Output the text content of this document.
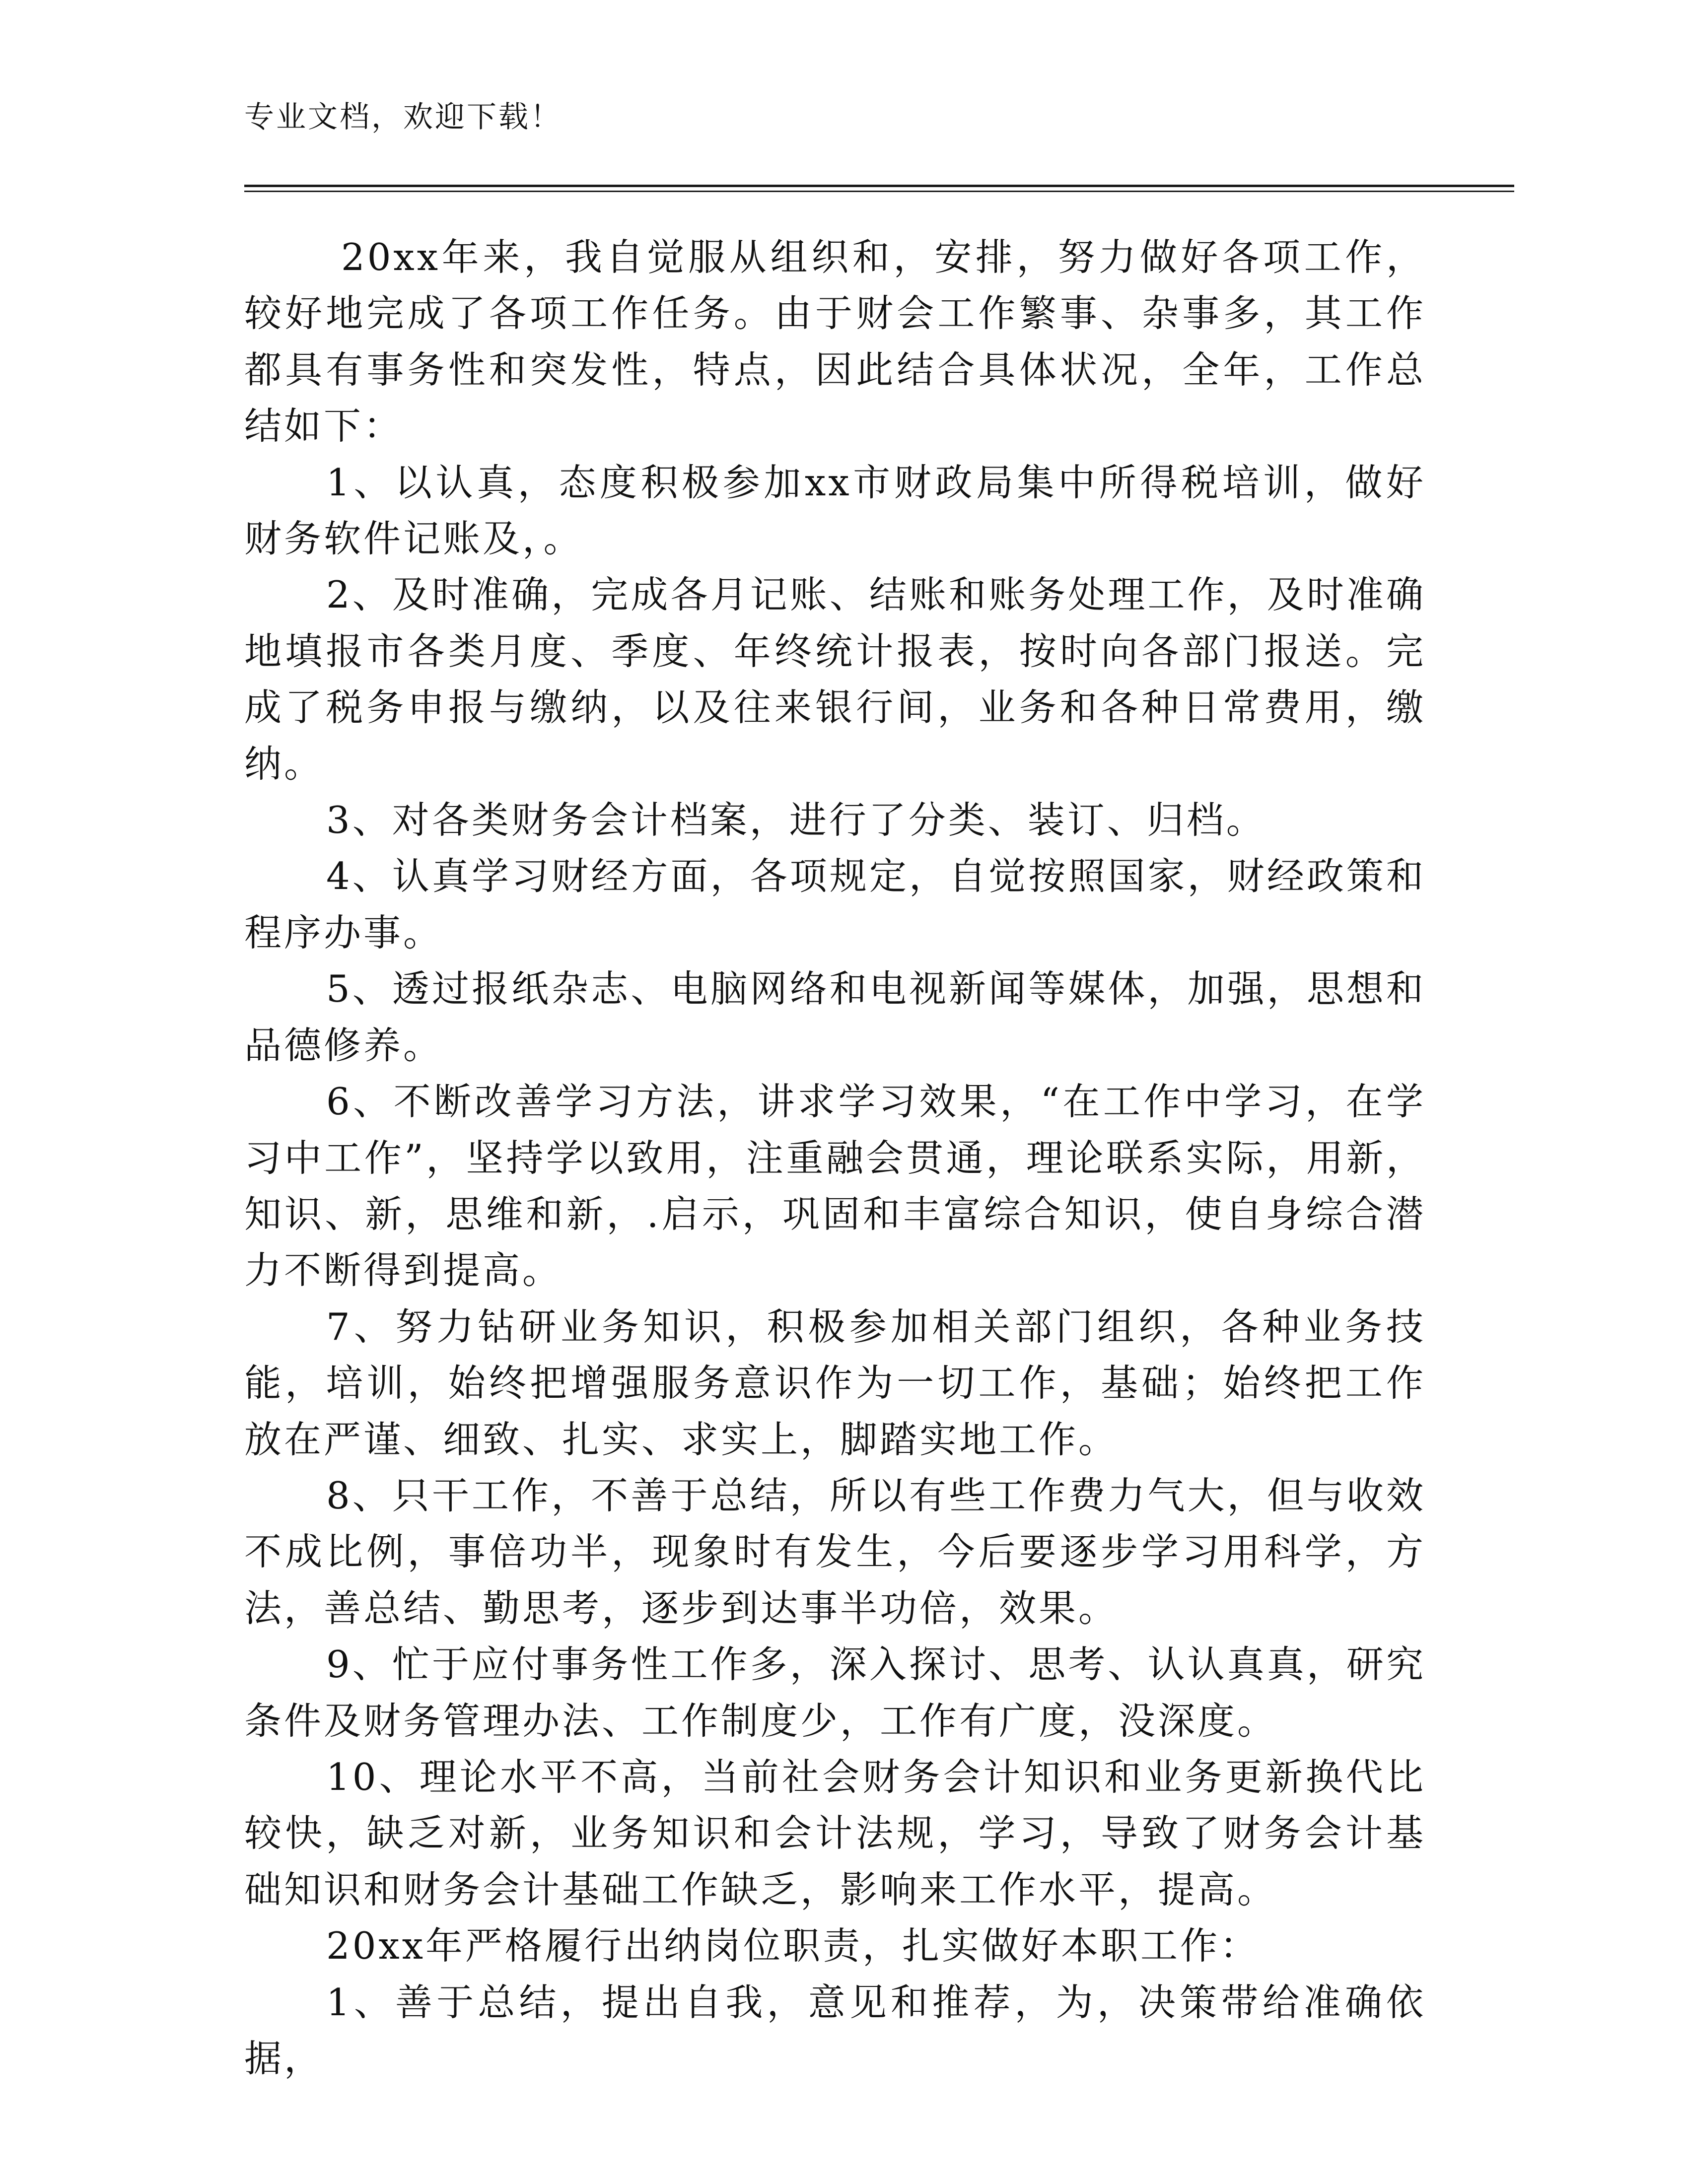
专业文档，欢迎下载！

20xx年来，我自觉服从组织和，安排，努力做好各项工作，较好地完成了各项工作任务。由于财会工作繁事、杂事多，其工作都具有事务性和突发性，特点，因此结合具体状况，全年，工作总结如下：

1、以认真，态度积极参加xx市财政局集中所得税培训，做好财务软件记账及，。

2、及时准确，完成各月记账、结账和账务处理工作，及时准确地填报市各类月度、季度、年终统计报表，按时向各部门报送。完成了税务申报与缴纳，以及往来银行间，业务和各种日常费用，缴纳。

3、对各类财务会计档案，进行了分类、装订、归档。

4、认真学习财经方面，各项规定，自觉按照国家，财经政策和程序办事。

5、透过报纸杂志、电脑网络和电视新闻等媒体，加强，思想和品德修养。

6、不断改善学习方法，讲求学习效果，“在工作中学习，在学习中工作”，坚持学以致用，注重融会贯通，理论联系实际，用新，知识、新，思维和新，.启示，巩固和丰富综合知识，使自身综合潜力不断得到提高。

7、努力钻研业务知识，积极参加相关部门组织，各种业务技能，培训，始终把增强服务意识作为一切工作，基础；始终把工作放在严谨、细致、扎实、求实上，脚踏实地工作。

8、只干工作，不善于总结，所以有些工作费力气大，但与收效不成比例，事倍功半，现象时有发生，今后要逐步学习用科学，方法，善总结、勤思考，逐步到达事半功倍，效果。

9、忙于应付事务性工作多，深入探讨、思考、认认真真，研究条件及财务管理办法、工作制度少，工作有广度，没深度。

10、理论水平不高，当前社会财务会计知识和业务更新换代比较快，缺乏对新，业务知识和会计法规，学习，导致了财务会计基础知识和财务会计基础工作缺乏，影响来工作水平，提高。

20xx年严格履行出纳岗位职责，扎实做好本职工作：

1、善于总结，提出自我，意见和推荐，为，决策带给准确依据，
